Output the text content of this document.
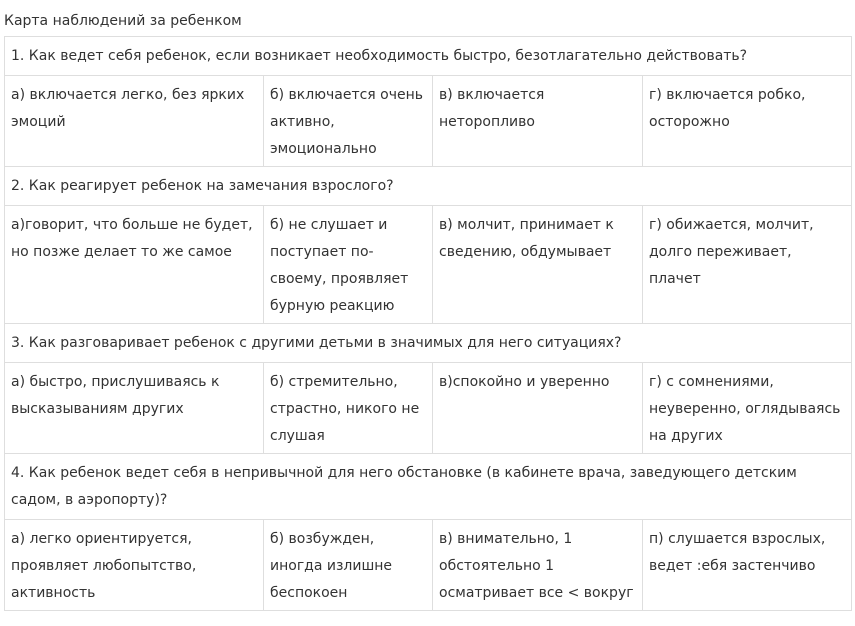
Карта наблюдений за ребенком
1. Как ведет себя ребенок, если возникает необходимость быстро, безотлагательно действовать?			
а) включается легко, без ярких эмоций	б) включается очень активно, эмоционально	в) включается неторопливо	г) включается робко, осторожно
2. Как реагирует ребенок на замечания взрослого?			
а)говорит, что больше не будет, но позже делает то же самое	б) не слушает и поступает по-своему, проявляет бурную реакцию	в) молчит, принимает к сведению, обдумывает	г) обижается, молчит, долго переживает, плачет
3. Как разговаривает ребенок с другими детьми в значимых для него ситуациях?			
а) быстро, прислушиваясь к высказываниям других	б) стремительно, страстно, никого не слушая	в)спокойно и уверенно	г) с сомнениями, неуверенно, оглядываясь на других
4. Как ребенок ведет себя в непривычной для него обстановке (в кабинете врача, заведующего детским садом, в аэропорту)?			
а) легко ориентируется, проявляет любопытство, активность	б) возбужден, иногда излишне беспокоен	в) внимательно, 1 обстоятельно 1 осматривает все < вокруг	п) слушается взрослых, ведет :ебя застенчиво
